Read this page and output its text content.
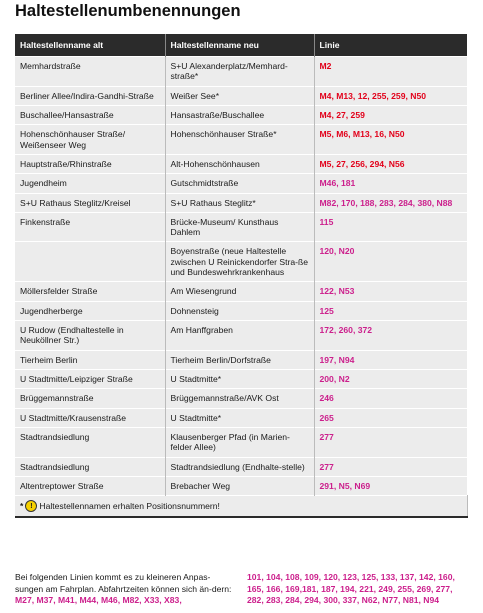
Haltestellenumbenennungen
Haltestellenname alt	Haltestellenname neu	Linie
Memhardstraße	S+U Alexanderplatz/Memhard-straße*	M2
Berliner Allee/Indira-Gandhi-Straße	Weißer See*	M4, M13, 12, 255, 259, N50
Buschallee/Hansastraße	Hansastraße/Buschallee	M4, 27, 259
Hohenschönhauser Straße/ Weißenseer Weg	Hohenschönhauser Straße*	M5, M6, M13, 16, N50
Hauptstraße/Rhinstraße	Alt-Hohenschönhausen	M5, 27, 256, 294, N56
Jugendheim	Gutschmidtstraße	M46, 181
S+U Rathaus Steglitz/Kreisel	S+U Rathaus Steglitz*	M82, 170, 188, 283, 284, 380, N88
Finkenstraße	Brücke-Museum/ Kunsthaus Dahlem	115
	Boyenstraße (neue Haltestelle zwischen U Reinickendorfer Stra-ße und Bundeswehrkrankenhaus	120, N20
Möllersfelder Straße	Am Wiesengrund	122, N53
Jugendherberge	Dohnensteig	125
U Rudow (Endhaltestelle in Neuköllner Str.)	Am Hanffgraben	172, 260, 372
Tierheim Berlin	Tierheim Berlin/Dorfstraße	197, N94
U Stadtmitte/Leipziger Straße	U Stadtmitte*	200, N2
Brüggemannstraße	Brüggemannstraße/AVK Ost	246
U Stadtmitte/Krausenstraße	U Stadtmitte*	265
Stadtrandsiedlung	Klausenberger Pfad (in Marien-felder Allee)	277
Stadtrandsiedlung	Stadtrandsiedlung (Endhalte-stelle)	277
Altentreptower Straße	Brebacher Weg	291, N5, N69

* ! Haltestellennamen erhalten Positionsnummern!		
Bei folgenden Linien kommt es zu kleineren Anpas-sungen am Fahrplan. Abfahrtzeiten können sich än-dern: M27, M37, M41, M44, M46, M82, X33, X83,
101, 104, 108, 109, 120, 123, 125, 133, 137, 142, 160, 165, 166, 169,181, 187, 194, 221, 249, 255, 269, 277, 282, 283, 284, 294, 300, 337, N62, N77, N81, N94
